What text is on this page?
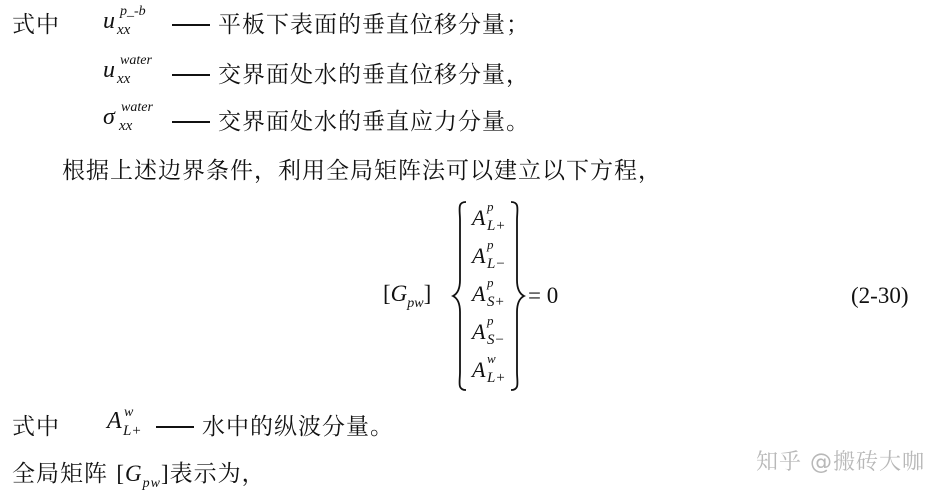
式中 u p_-b
xx	平板下表面的垂直位移分量；
u water
xx	交界面处水的垂直位移分量，
σ water
xx	交界面处水的垂直应力分量。
根据上述边界条件，利用全局矩阵法可以建立以下方程，
$[G_{pw}]$
A p
L+
A p
L−
A p
S+
A p
S−
A w
L+
= 0	(2-30)
式中 A w
L+	水中的纵波分量。
全局矩阵 $[G_{pw}]$表示为，	知乎 @搬砖大咖
